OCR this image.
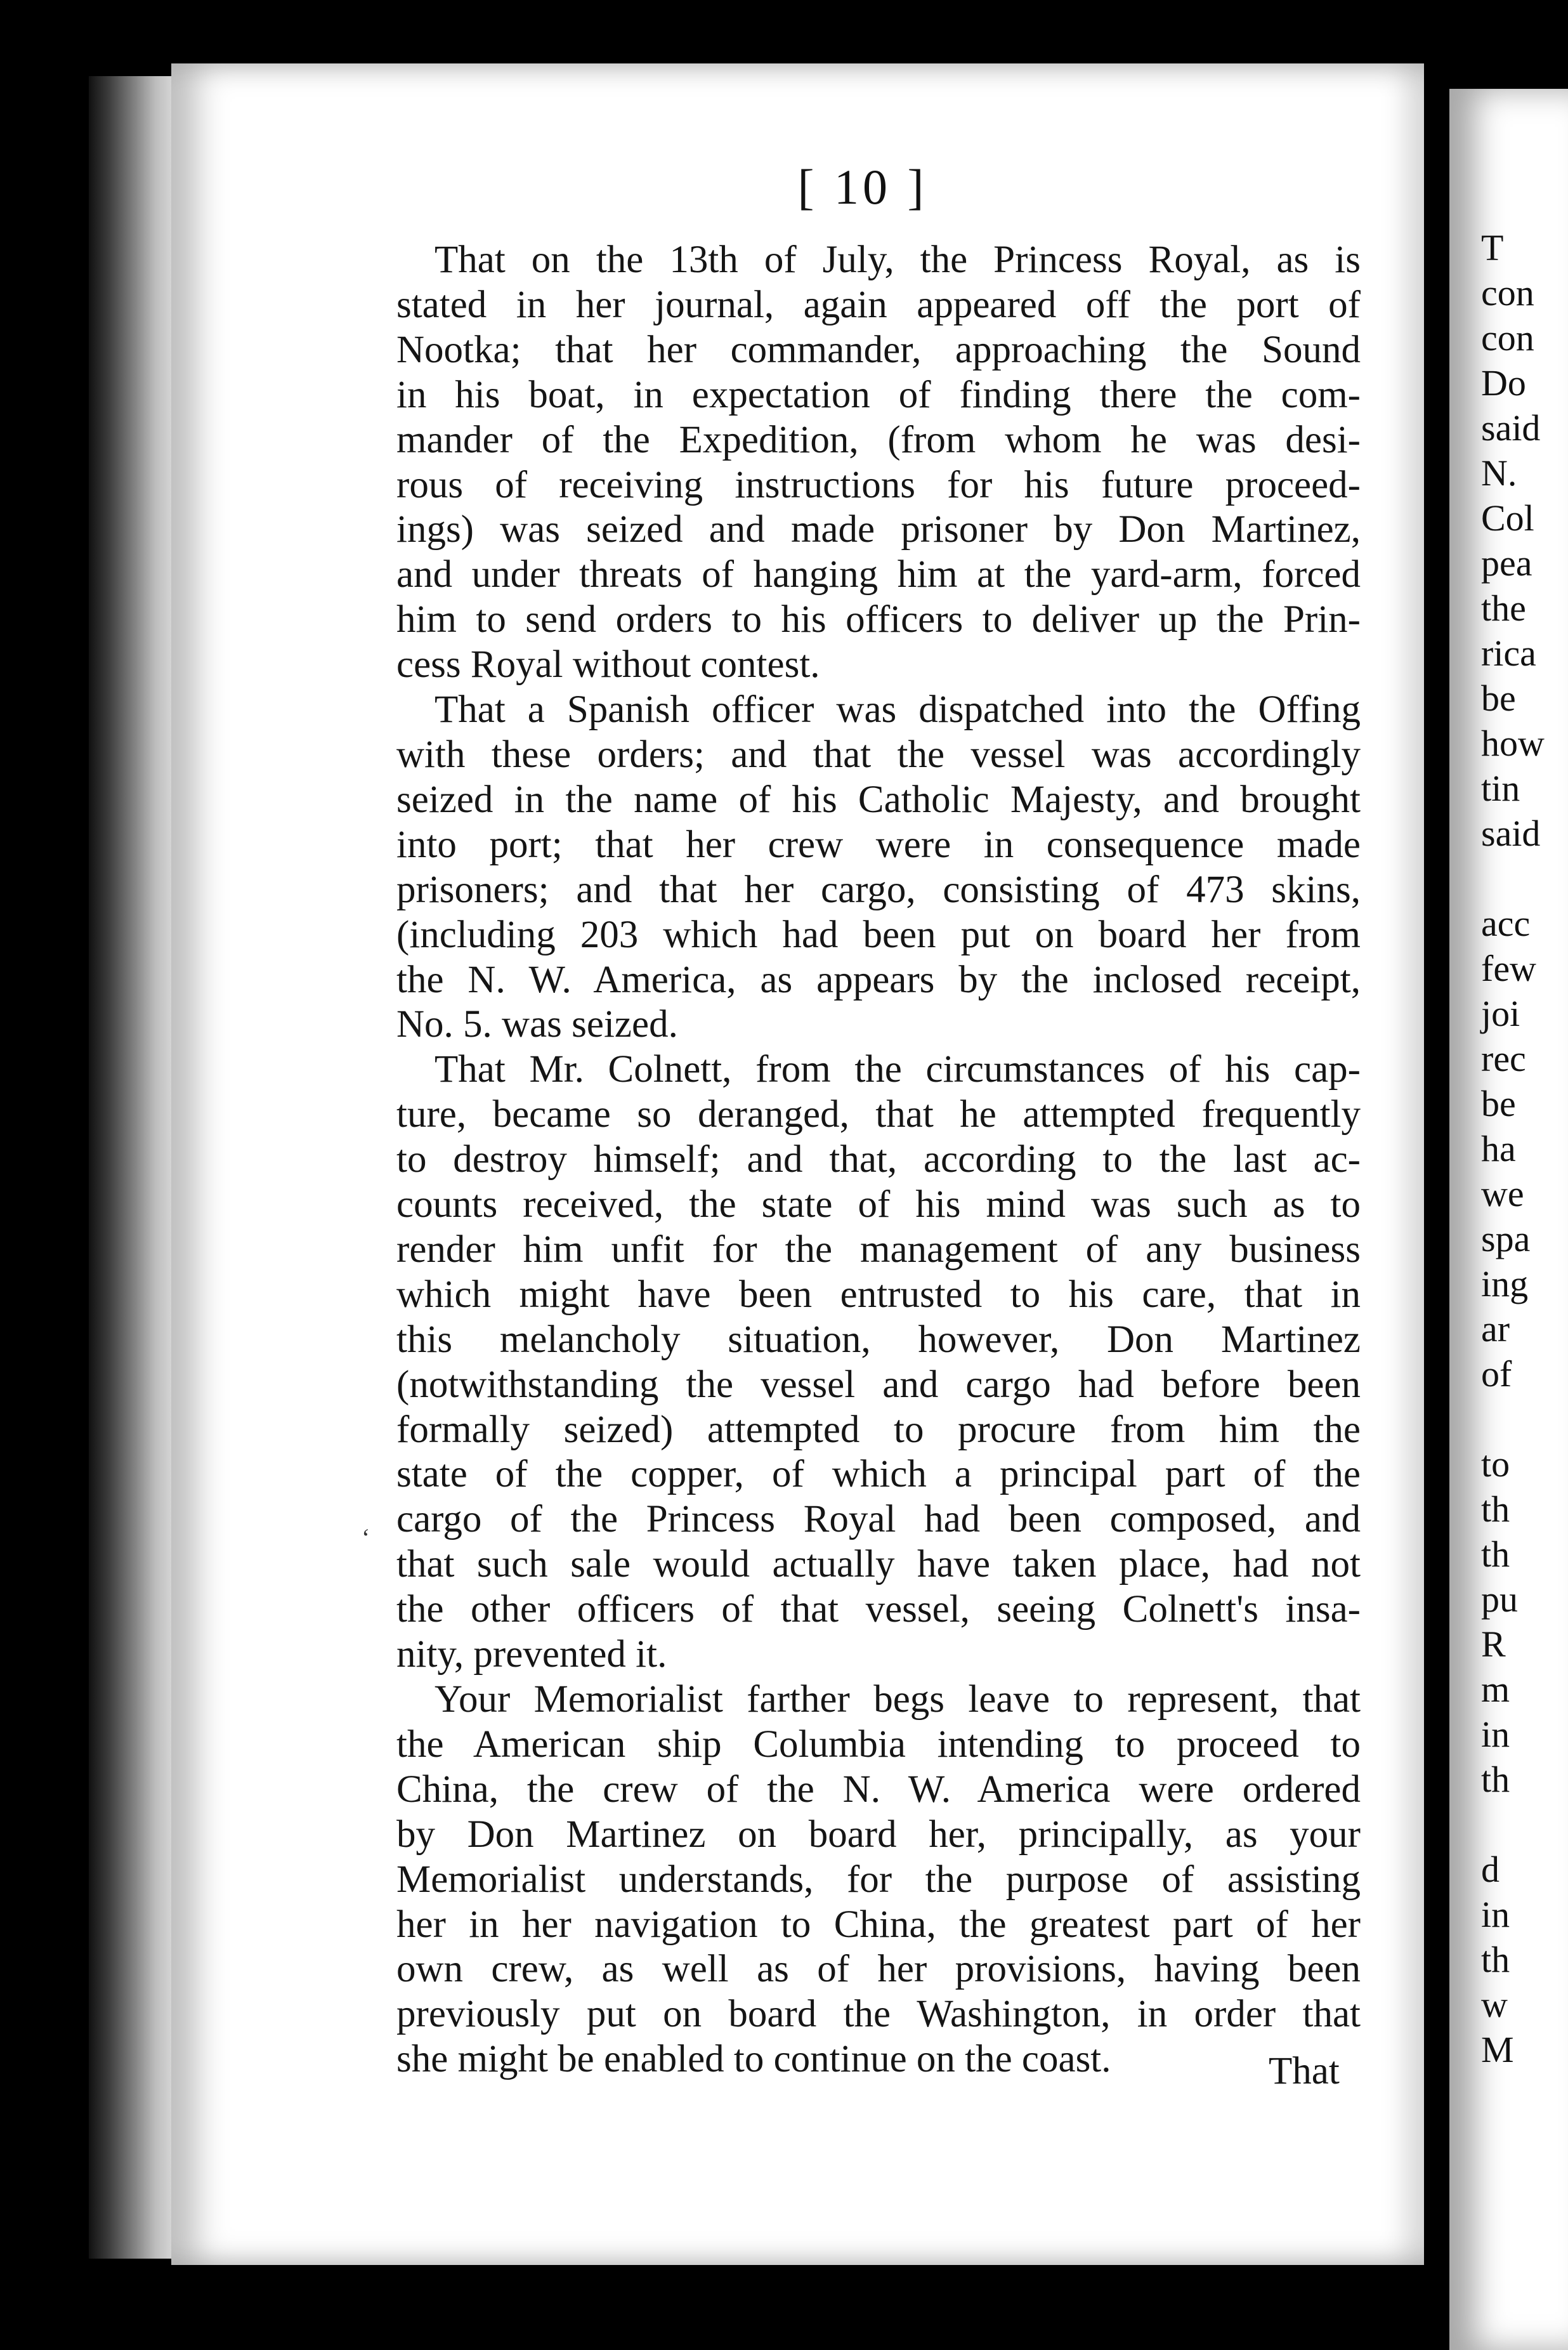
[ 10 ]
That on the 13th of July, the Princess Royal, as is
stated in her journal, again appeared off the port of
Nootka; that her commander, approaching the Sound
in his boat, in expectation of finding there the com-
mander of the Expedition, (from whom he was desi-
rous of receiving instructions for his future proceed-
ings) was seized and made prisoner by Don Martinez,
and under threats of hanging him at the yard-arm, forced
him to send orders to his officers to deliver up the Prin-
cess Royal without contest.
That a Spanish officer was dispatched into the Offing
with these orders; and that the vessel was accordingly
seized in the name of his Catholic Majesty, and brought
into port; that her crew were in consequence made
prisoners; and that her cargo, consisting of 473 skins,
(including 203 which had been put on board her from
the N. W. America, as appears by the inclosed receipt,
No. 5. was seized.
That Mr. Colnett, from the circumstances of his cap-
ture, became so deranged, that he attempted frequently
to destroy himself; and that, according to the last ac-
counts received, the state of his mind was such as to
render him unfit for the management of any business
which might have been entrusted to his care, that in
this melancholy situation, however, Don Martinez
(notwithstanding the vessel and cargo had before been
formally seized) attempted to procure from him the
state of the copper, of which a principal part of the
cargo of the Princess Royal had been composed, and
that such sale would actually have taken place, had not
the other officers of that vessel, seeing Colnett's insa-
nity, prevented it.
Your Memorialist farther begs leave to represent, that
the American ship Columbia intending to proceed to
China, the crew of the N. W. America were ordered
by Don Martinez on board her, principally, as your
Memorialist understands, for the purpose of assisting
her in her navigation to China, the greatest part of her
own crew, as well as of her provisions, having been
previously put on board the Washington, in order that
she might be enabled to continue on the coast.	That
‘
T
con
con
Do
said
N.
Col
pea
the
rica
be
how
tin
said

acc
few
joi
rec
be
ha
we
spa
ing
ar
of

to
th
th
pu
R
m
in
th

d
in
th
w
M
